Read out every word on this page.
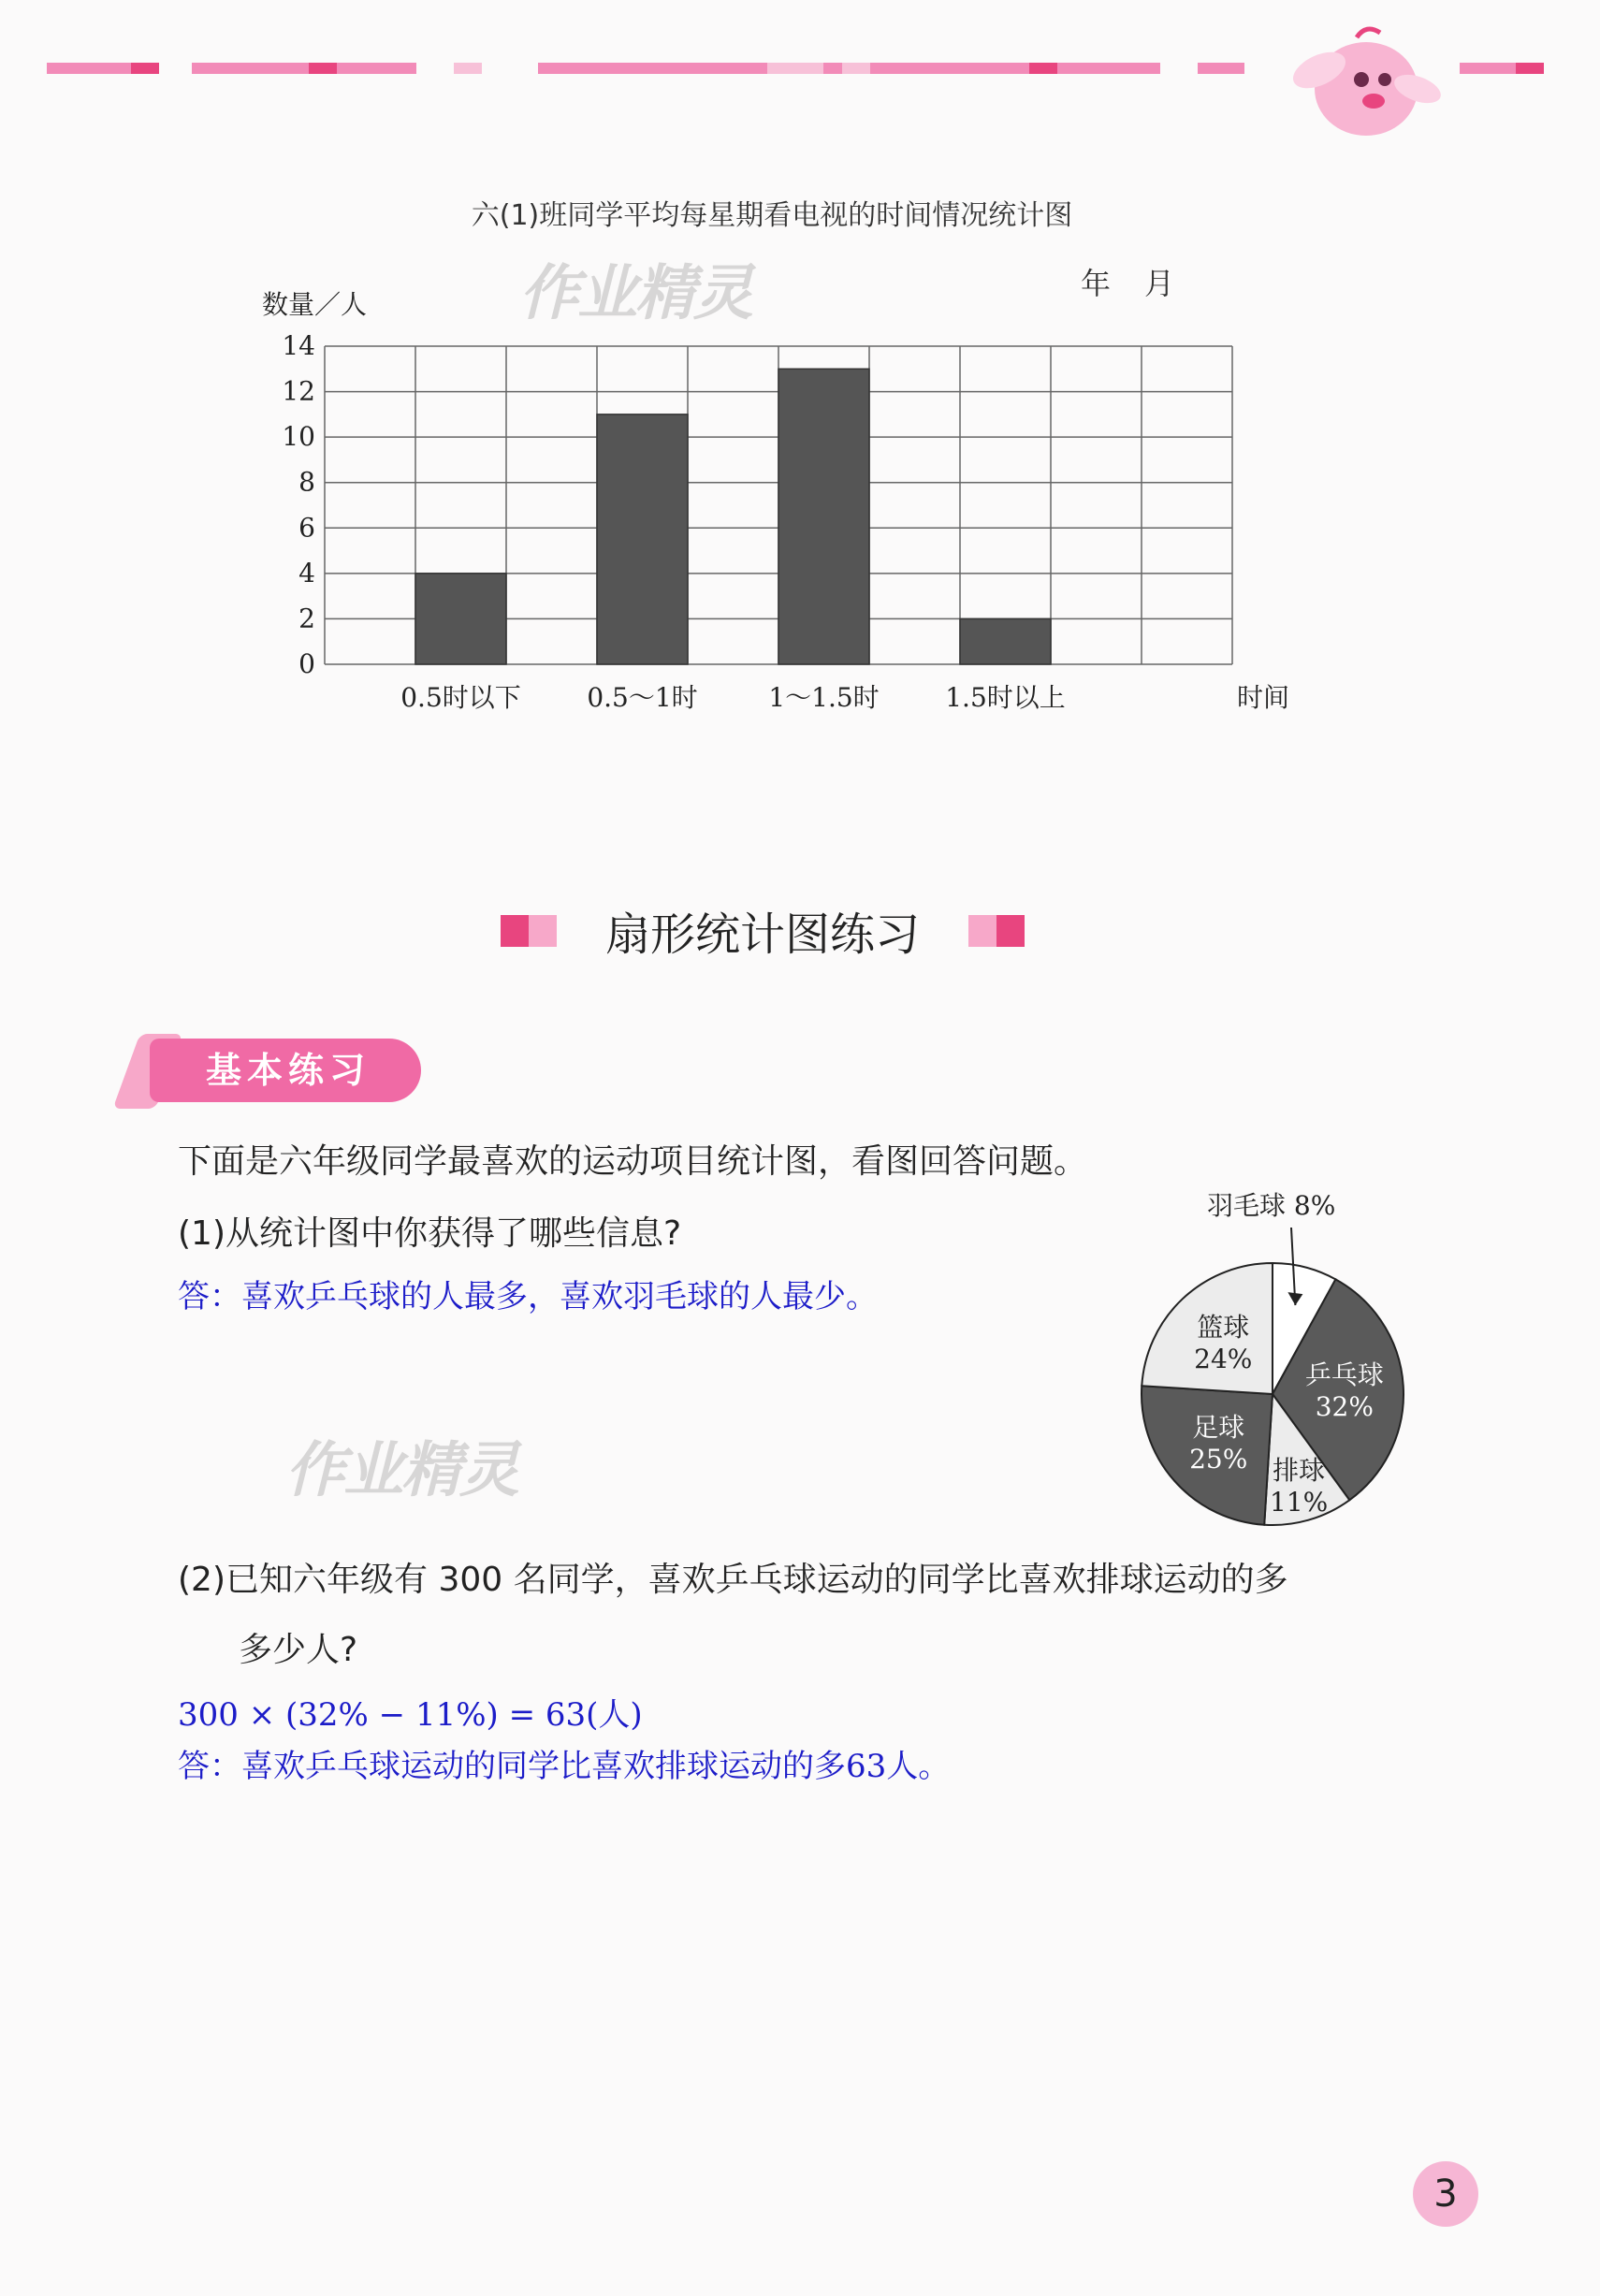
六(1)班同学平均每星期看电视的时间情况统计图
年　月
作业精灵
0
2
4
6
8
10
12
14
0.5时以下	0.5～1时	1～1.5时	1.5时以上
数量／人
时间
扇形统计图练习
基本练习
下面是六年级同学最喜欢的运动项目统计图，看图回答问题。
(1)从统计图中你获得了哪些信息?
答：喜欢乒乓球的人最多，喜欢羽毛球的人最少。
作业精灵
羽毛球 8%
乒乓球
32%
排球
11%
足球
25%
篮球
24%
(2)已知六年级有 300 名同学，喜欢乒乓球运动的同学比喜欢排球运动的多
多少人?
300 × (32% − 11%) = 63(人)
答：喜欢乒乓球运动的同学比喜欢排球运动的多63人。
3
